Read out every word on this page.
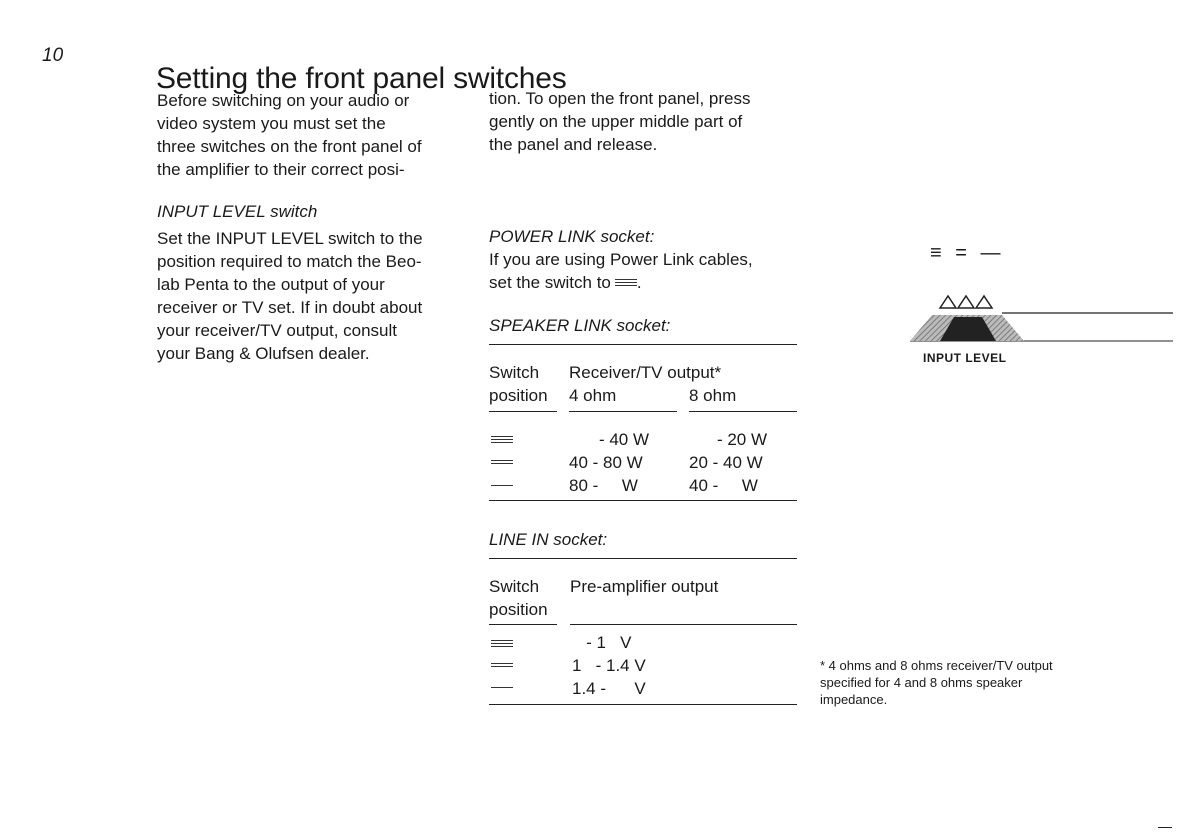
10
Setting the front panel switches

Before switching on your audio or
video system you must set the
three switches on the front panel of
the amplifier to their correct posi-

tion. To open the front panel, press
gently on the upper middle part of
the panel and release.

INPUT LEVEL switch

Set the INPUT LEVEL switch to the
position required to match the Beo-
lab Penta to the output of your
receiver or TV set. If in doubt about
your receiver/TV output, consult
your Bang & Olufsen dealer.

POWER LINK socket:
If you are using Power Link cables,
set the switch to .
SPEAKER LINK socket:
Switch
position
Receiver/TV output*
4 ohm	8 ohm
- 40 W	- 20 W
40 - 80 W	20 - 40 W
80 -     W	40 -     W
LINE IN socket:
Switch
position
Pre-amplifier output
- 1   V
1   - 1.4 V
1.4 -      V
≡ = —
INPUT LEVEL
* 4 ohms and 8 ohms receiver/TV output
specified for 4 and 8 ohms speaker
impedance.
